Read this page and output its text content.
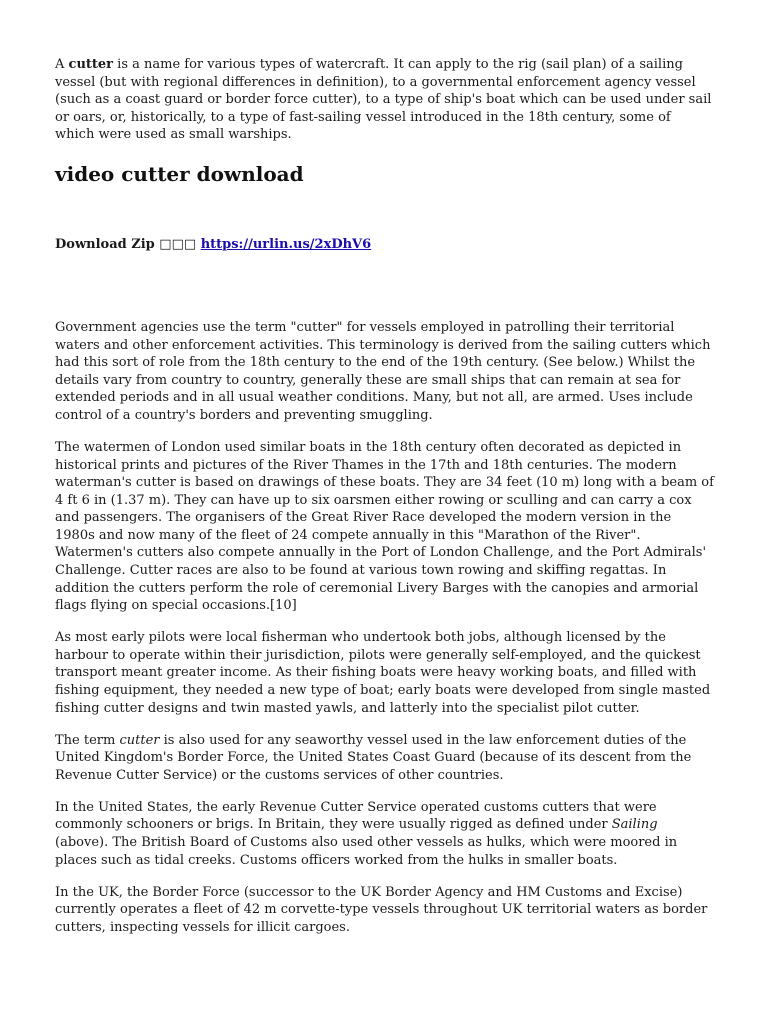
A cutter is a name for various types of watercraft. It can apply to the rig (sail plan) of a sailing vessel (but with regional differences in definition), to a governmental enforcement agency vessel (such as a coast guard or border force cutter), to a type of ship's boat which can be used under sail or oars, or, historically, to a type of fast-sailing vessel introduced in the 18th century, some of which were used as small warships.

video cutter download

Download Zip □□□ https://urlin.us/2xDhV6

Government agencies use the term "cutter" for vessels employed in patrolling their territorial waters and other enforcement activities. This terminology is derived from the sailing cutters which had this sort of role from the 18th century to the end of the 19th century. (See below.) Whilst the details vary from country to country, generally these are small ships that can remain at sea for extended periods and in all usual weather conditions. Many, but not all, are armed. Uses include control of a country's borders and preventing smuggling.

The watermen of London used similar boats in the 18th century often decorated as depicted in historical prints and pictures of the River Thames in the 17th and 18th centuries. The modern waterman's cutter is based on drawings of these boats. They are 34 feet (10 m) long with a beam of 4 ft 6 in (1.37 m). They can have up to six oarsmen either rowing or sculling and can carry a cox and passengers. The organisers of the Great River Race developed the modern version in the 1980s and now many of the fleet of 24 compete annually in this "Marathon of the River". Watermen's cutters also compete annually in the Port of London Challenge, and the Port Admirals' Challenge. Cutter races are also to be found at various town rowing and skiffing regattas. In addition the cutters perform the role of ceremonial Livery Barges with the canopies and armorial flags flying on special occasions.[10]

As most early pilots were local fisherman who undertook both jobs, although licensed by the harbour to operate within their jurisdiction, pilots were generally self-employed, and the quickest transport meant greater income. As their fishing boats were heavy working boats, and filled with fishing equipment, they needed a new type of boat; early boats were developed from single masted fishing cutter designs and twin masted yawls, and latterly into the specialist pilot cutter.

The term cutter is also used for any seaworthy vessel used in the law enforcement duties of the United Kingdom's Border Force, the United States Coast Guard (because of its descent from the Revenue Cutter Service) or the customs services of other countries.

In the United States, the early Revenue Cutter Service operated customs cutters that were commonly schooners or brigs. In Britain, they were usually rigged as defined under Sailing (above). The British Board of Customs also used other vessels as hulks, which were moored in places such as tidal creeks. Customs officers worked from the hulks in smaller boats.

In the UK, the Border Force (successor to the UK Border Agency and HM Customs and Excise) currently operates a fleet of 42 m corvette-type vessels throughout UK territorial waters as border cutters, inspecting vessels for illicit cargoes.
